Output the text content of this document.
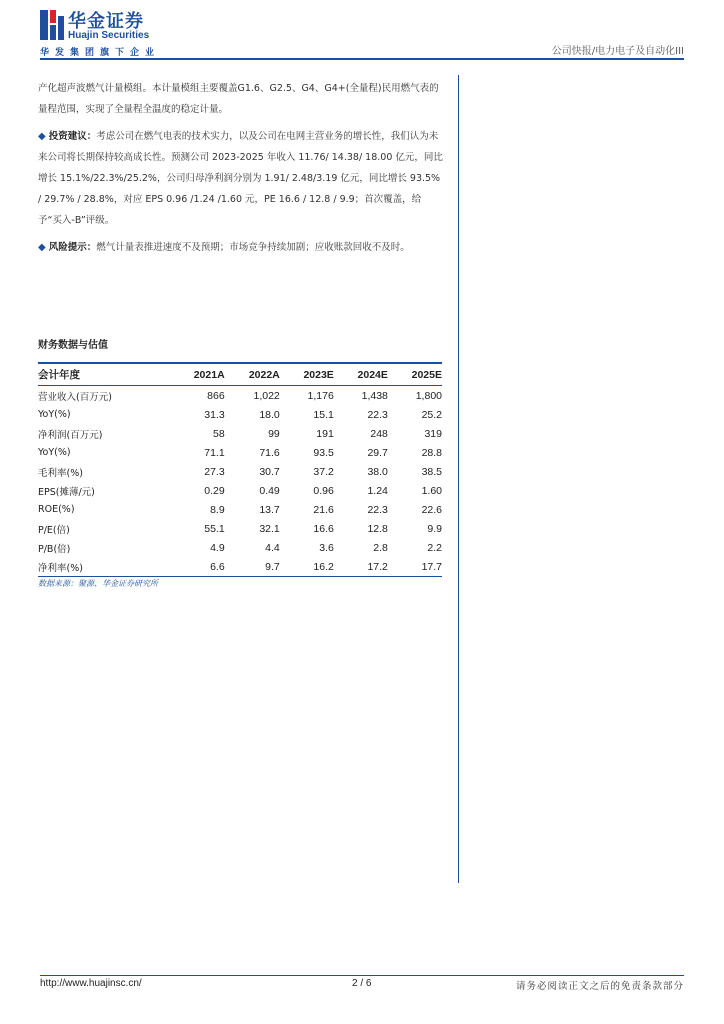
华金证券
Huajin Securities
华发集团旗下企业	公司快报/电力电子及自动化III

产化超声波燃气计量模组。本计量模组主要覆盖G1.6、G2.5、G4、G4+(全量程)民用燃气表的量程范围，实现了全量程全温度的稳定计量。

◆ 投资建议：考虑公司在燃气电表的技术实力，以及公司在电网主营业务的增长性，我们认为未来公司将长期保持较高成长性。预测公司 2023-2025 年收入 11.76/ 14.38/ 18.00 亿元，同比增长 15.1%/22.3%/25.2%，公司归母净利润分别为 1.91/ 2.48/3.19 亿元，同比增长 93.5% / 29.7% / 28.8%，对应 EPS 0.96 /1.24 /1.60 元，PE 16.6 / 12.8 / 9.9；首次覆盖，给予“买入-B”评级。

◆ 风险提示：燃气计量表推进速度不及预期；市场竞争持续加剧；应收账款回收不及时。

财务数据与估值
会计年度	2021A	2022A	2023E	2024E	2025E
营业收入(百万元)	866	1,022	1,176	1,438	1,800
YoY(%)	31.3	18.0	15.1	22.3	25.2
净利润(百万元)	58	99	191	248	319
YoY(%)	71.1	71.6	93.5	29.7	28.8
毛利率(%)	27.3	30.7	37.2	38.0	38.5
EPS(摊薄/元)	0.29	0.49	0.96	1.24	1.60
ROE(%)	8.9	13.7	21.6	22.3	22.6
P/E(倍)	55.1	32.1	16.6	12.8	9.9
P/B(倍)	4.9	4.4	3.6	2.8	2.2
净利率(%)	6.6	9.7	16.2	17.2	17.7
数据来源：聚源、华金证券研究所
http://www.huajinsc.cn/	2 / 6	请务必阅读正文之后的免责条款部分
